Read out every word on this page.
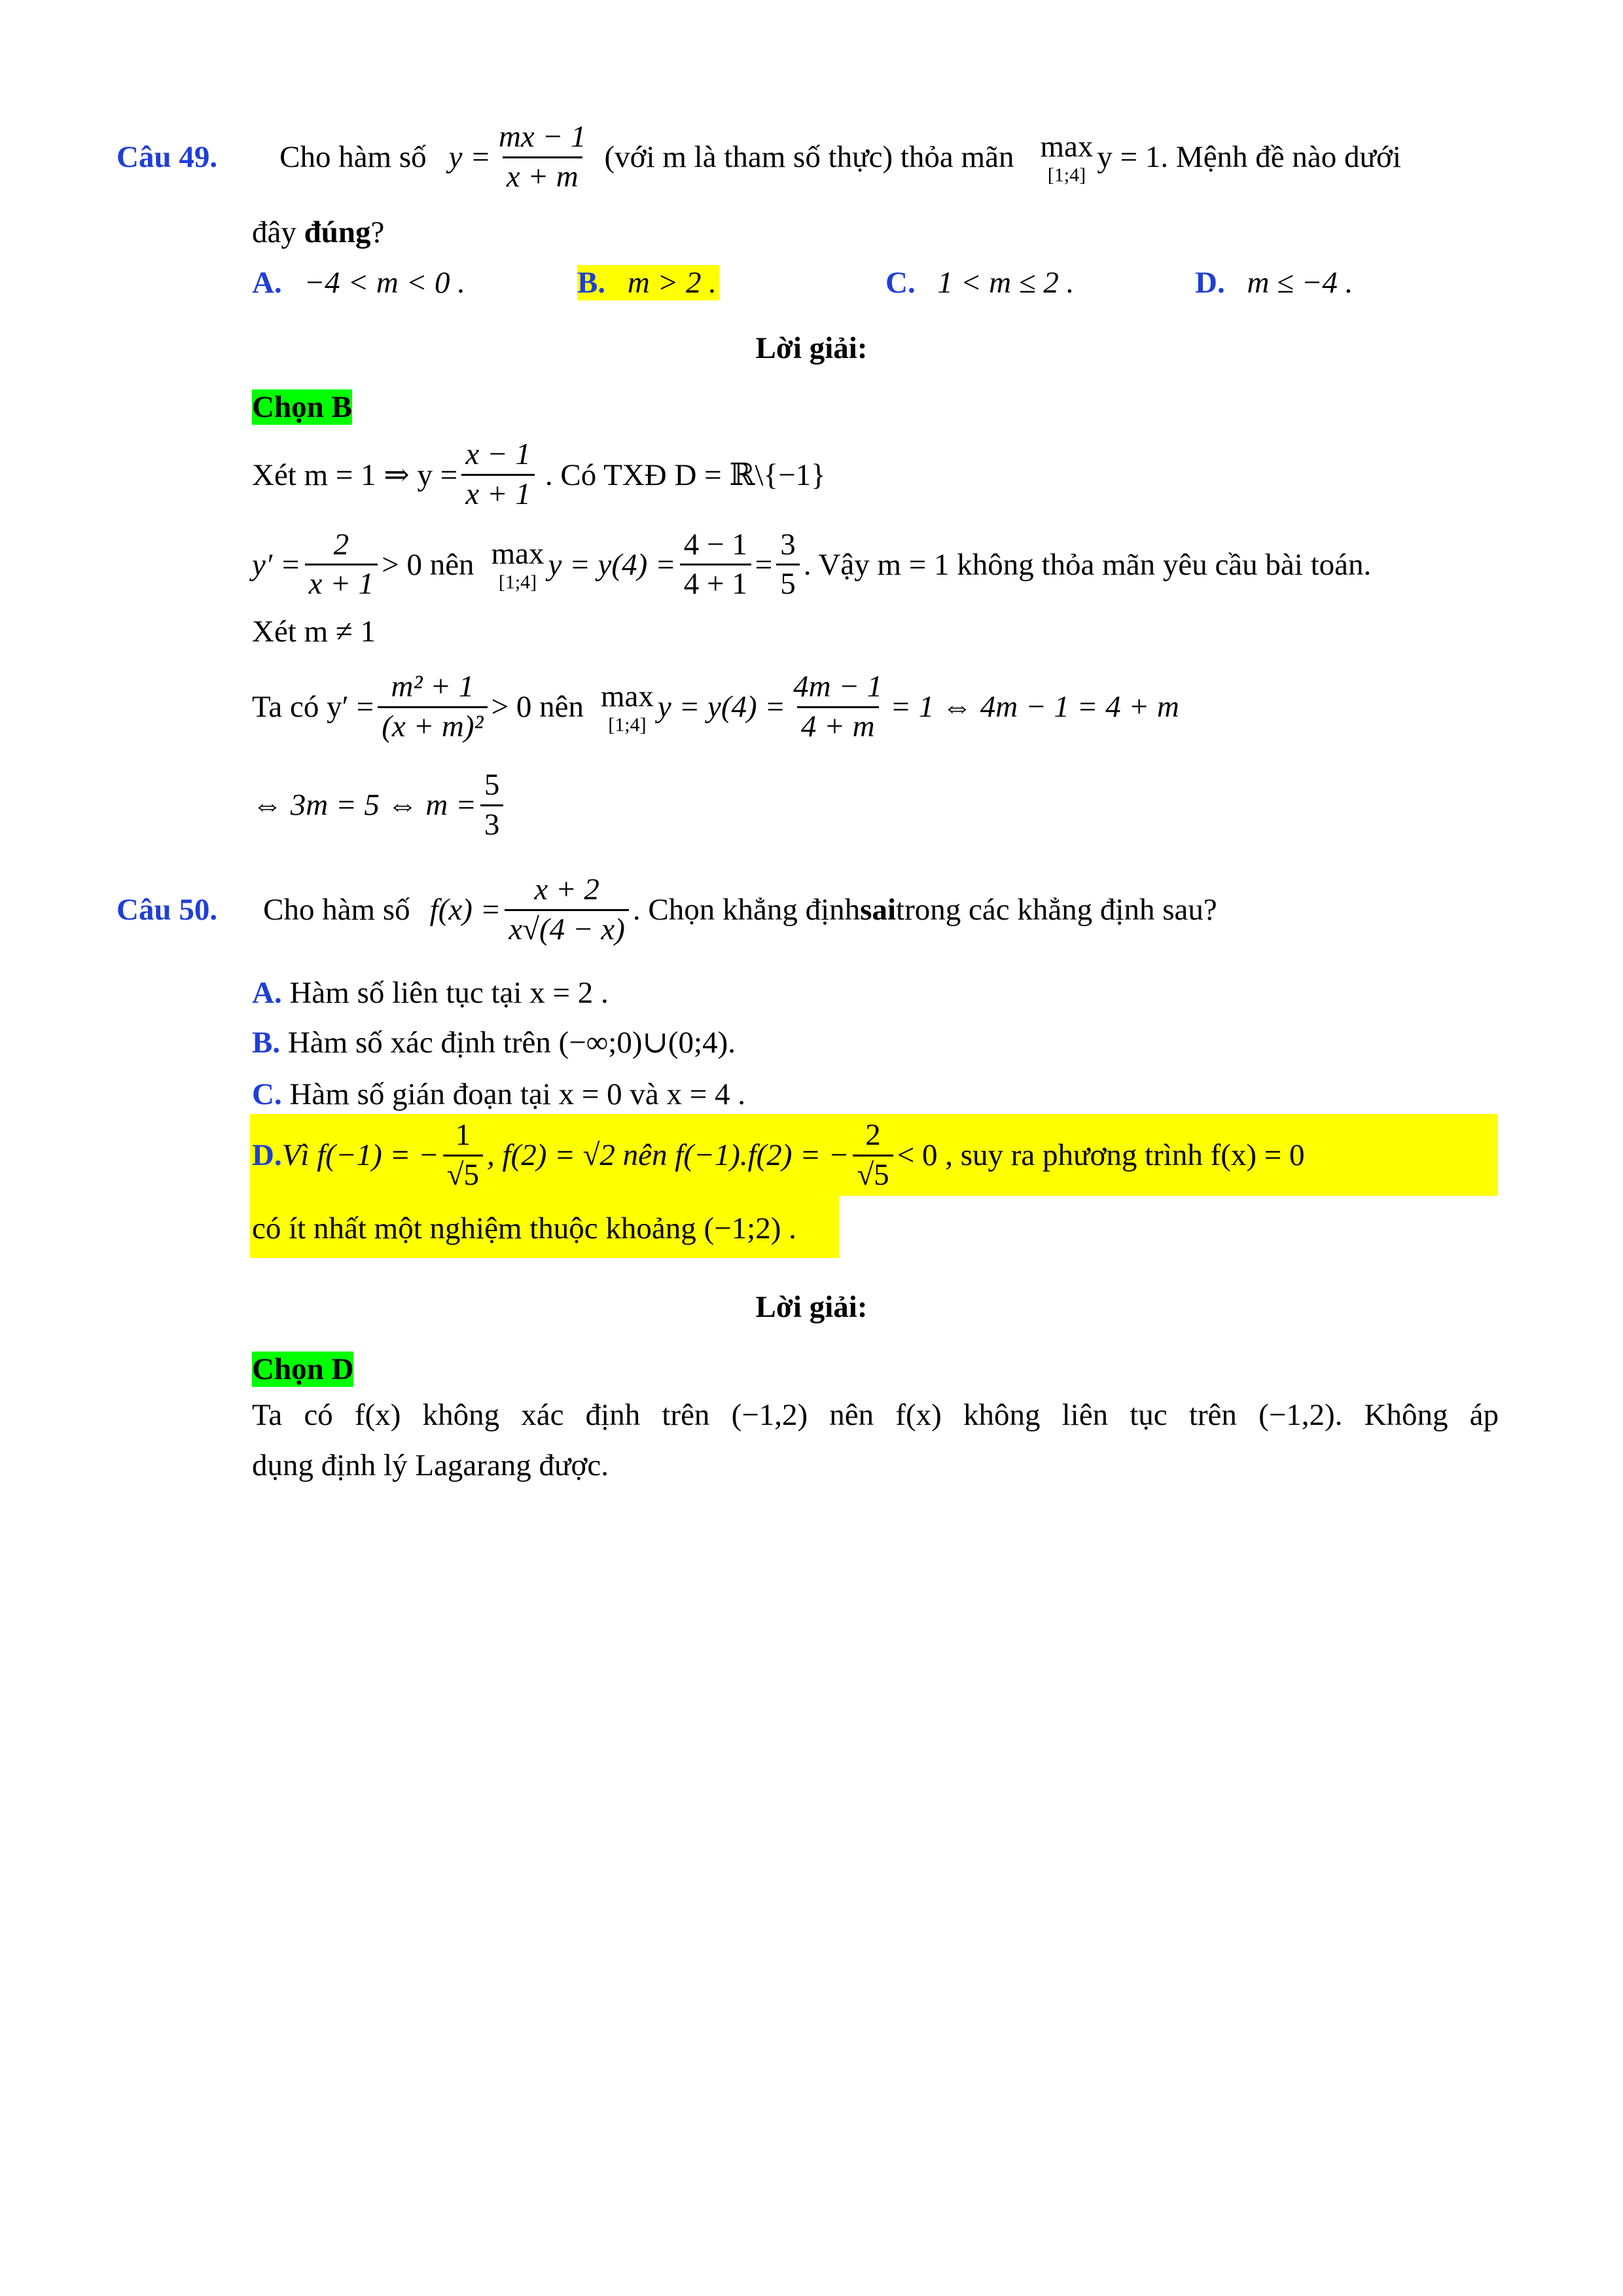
Câu 49. Cho hàm số $y = \frac{mx - 1}{x + m}$ (với m là tham số thực) thỏa mãn max
[1;4]
y = 1. Mệnh đề nào dưới
đây đúng?
A. −4 < m < 0 .	B. m > 2 .	C. 1 < m ≤ 2 .	D. m ≤ −4 .
Lời giải:
Chọn B
Xét m = 1 ⇒ $y = \frac{x - 1}{x + 1}$ . Có TXĐ D = ℝ\{−1}
$y' = \frac{2}{x + 1} > 0$ nên max
[1;4]
$y = y(4) = \frac{4 - 1}{4 + 1} = \frac{3}{5}$ . Vậy m = 1 không thỏa mãn yêu cầu bài toán.
Xét m ≠ 1
Ta có $y' = \frac{\text{m² + 1}}{\text{(x + m)²}} > 0$ nên max
[1;4]
$y = y(4) = \frac{4m - 1}{4 + m} = 1$ ⇔ 4m − 1 = 4 + m
⇔ 3m = 5 ⇔ $m = \frac{5}{3}$
Câu 50. Cho hàm số $f(x) = \frac{x + 2}{x√(4 - x)}$ . Chọn khẳng định sai trong các khẳng định sau?
A. Hàm số liên tục tại x = 2 .
B. Hàm số xác định trên (−∞;0)∪(0;4).
C. Hàm số gián đoạn tại x = 0 và x = 4 .
D. Vì f(−1) = − $\frac{1}{√5}$ , f(2) = √2 nên f(−1).f(2) = − $\frac{2}{√5} < 0$ , suy ra phương trình f(x) = 0
có ít nhất một nghiệm thuộc khoảng (−1;2) .
Lời giải:
Chọn D
Ta có f(x) không xác định trên (−1,2) nên f(x) không liên tục trên (−1,2). Không áp
dụng định lý Lagarang được.
